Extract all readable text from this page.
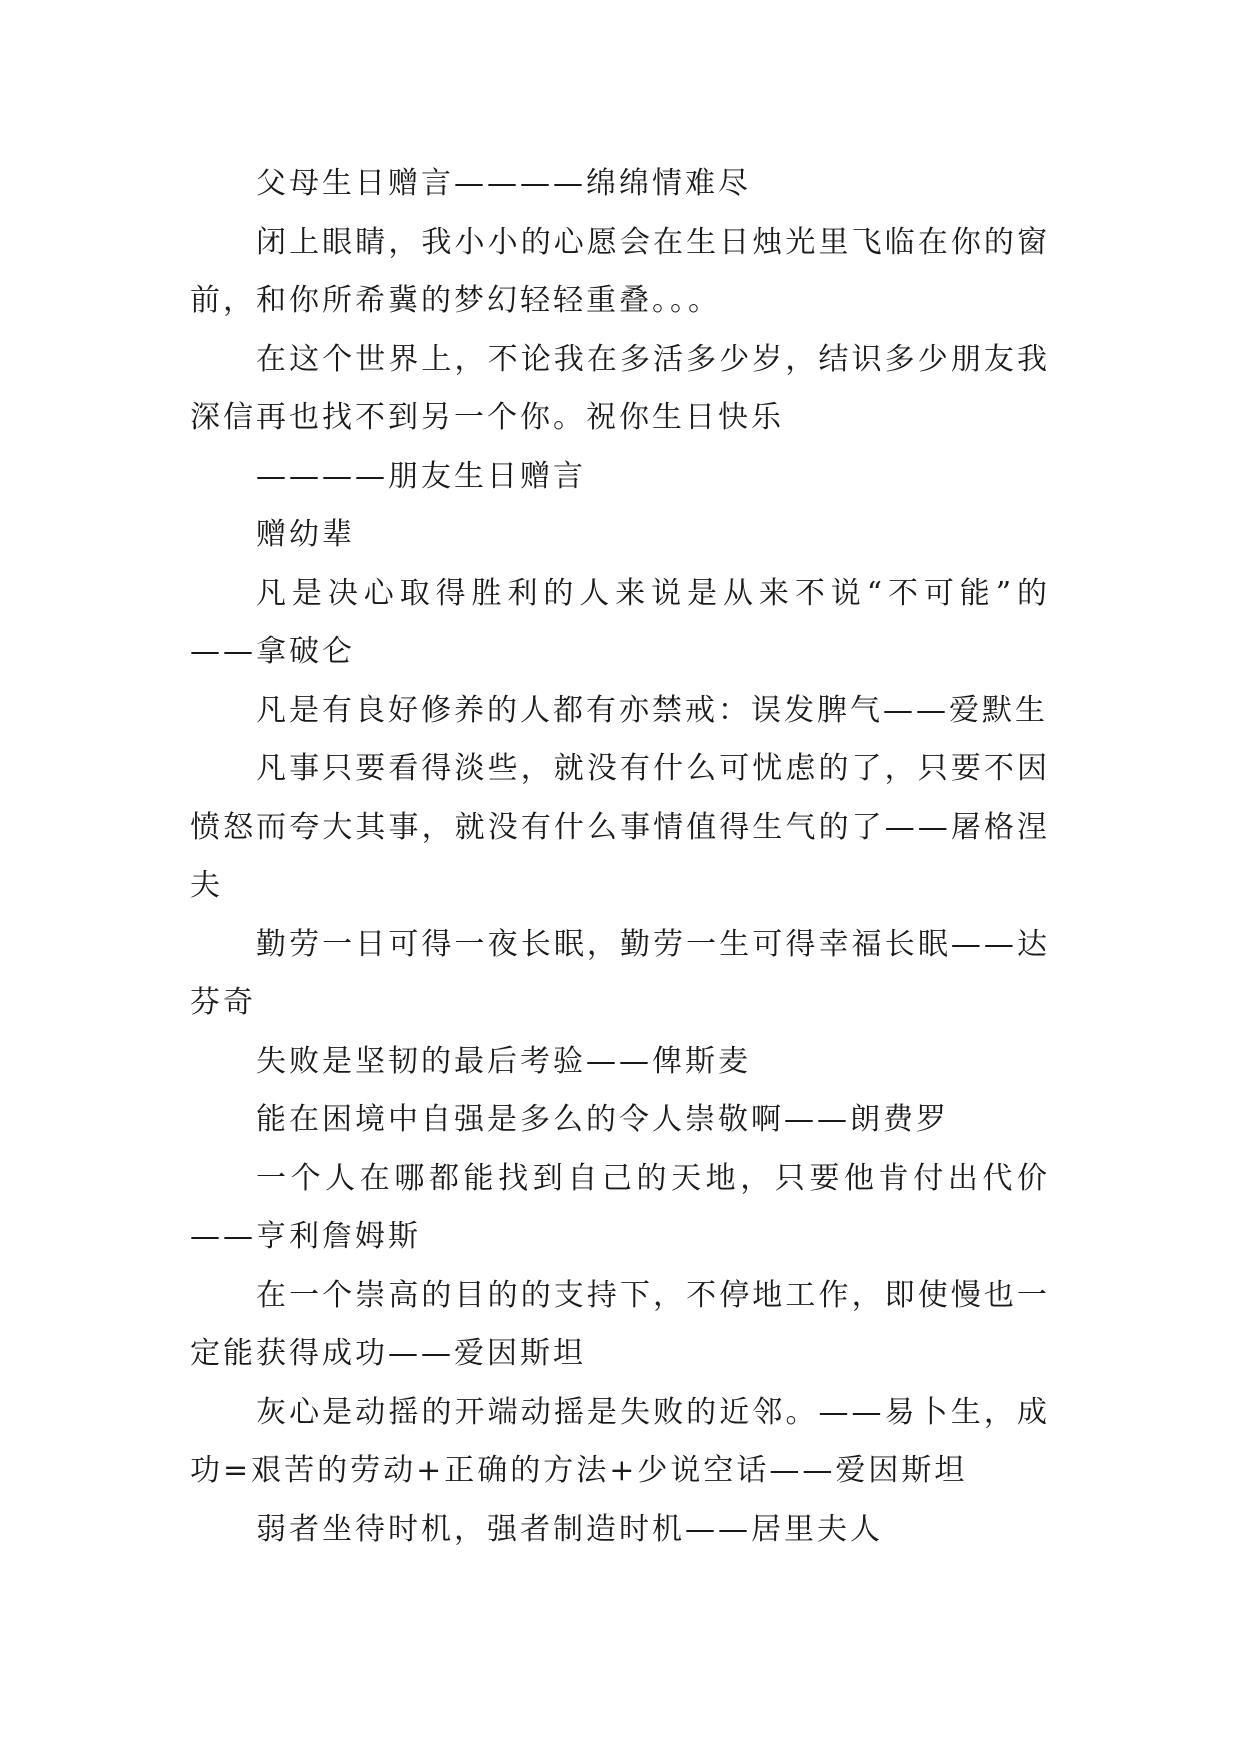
父母生日赠言————绵绵情难尽

闭上眼睛，我小小的心愿会在生日烛光里飞临在你的窗前，和你所希冀的梦幻轻轻重叠。。。

在这个世界上，不论我在多活多少岁，结识多少朋友我深信再也找不到另一个你。祝你生日快乐

————朋友生日赠言

赠幼辈

凡是决心取得胜利的人来说是从来不说“不可能”的——拿破仑

凡是有良好修养的人都有亦禁戒：误发脾气——爱默生

凡事只要看得淡些，就没有什么可忧虑的了，只要不因愤怒而夸大其事，就没有什么事情值得生气的了——屠格涅夫

勤劳一日可得一夜长眠，勤劳一生可得幸福长眠——达芬奇

失败是坚韧的最后考验——俾斯麦

能在困境中自强是多么的令人崇敬啊——朗费罗

一个人在哪都能找到自己的天地，只要他肯付出代价——亨利詹姆斯

在一个崇高的目的的支持下，不停地工作，即使慢也一定能获得成功——爱因斯坦

灰心是动摇的开端动摇是失败的近邻。——易卜生，成功=艰苦的劳动+正确的方法+少说空话——爱因斯坦

弱者坐待时机，强者制造时机——居里夫人
